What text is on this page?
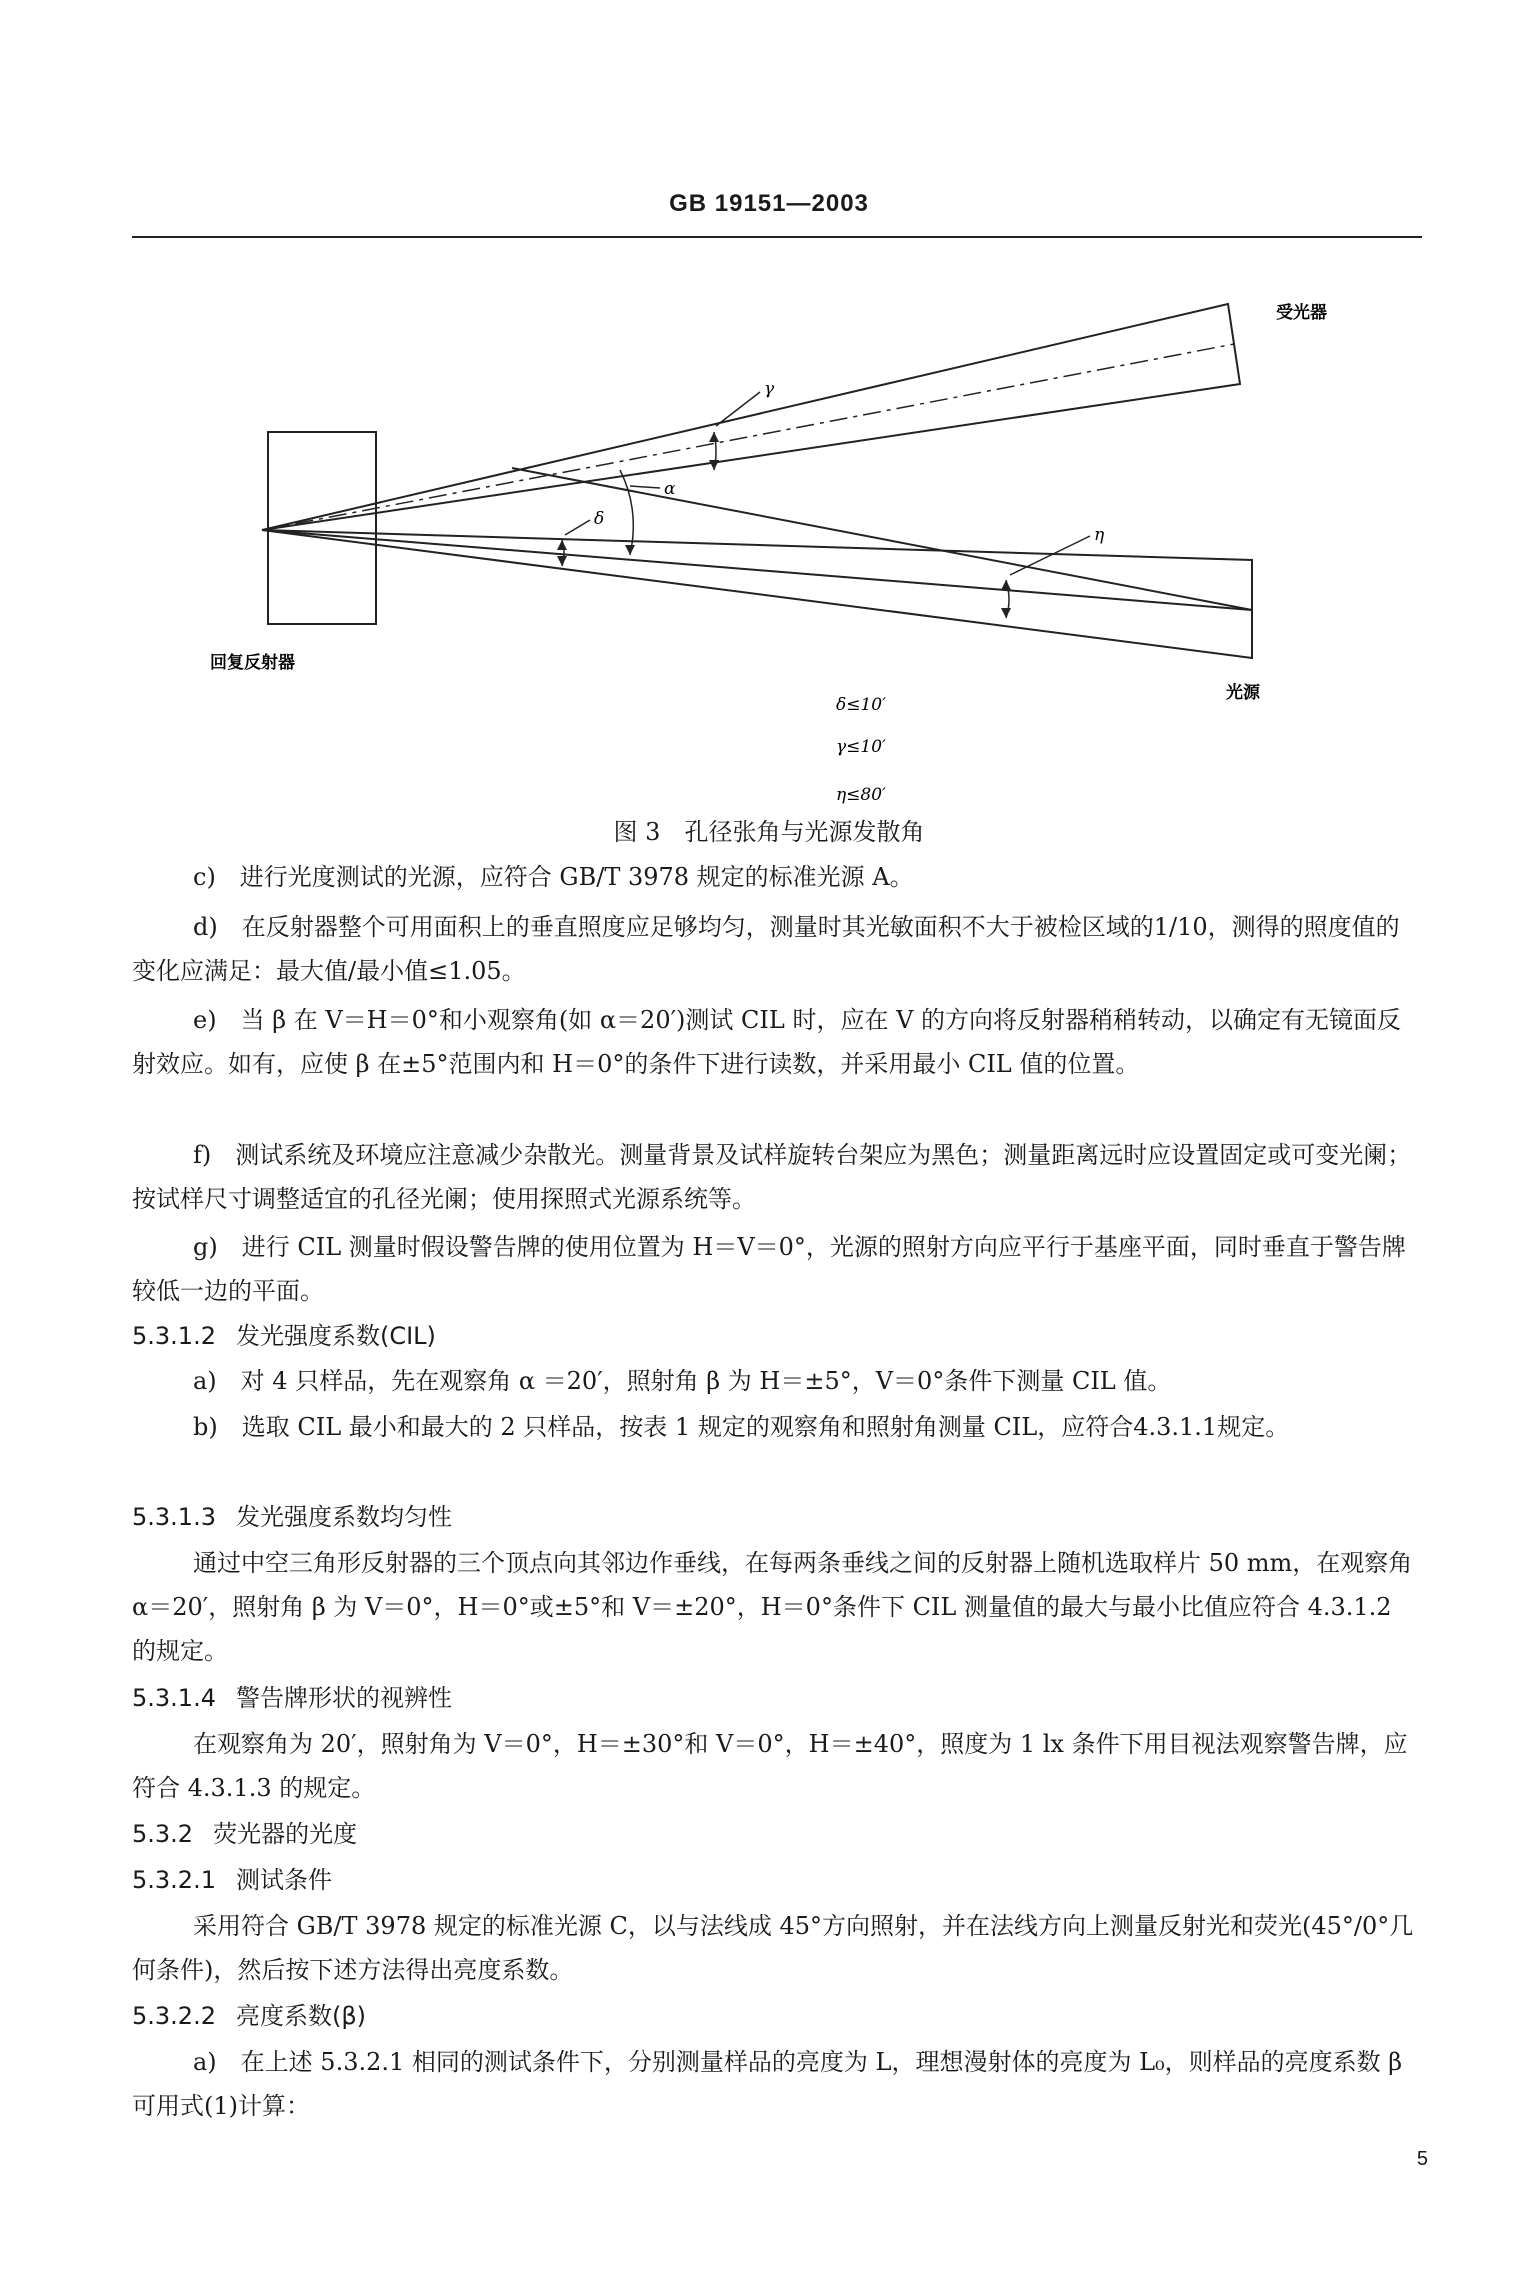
GB 19151—2003
受光器
回复反射器
光源
γ
α
δ
η
δ≤10′
γ≤10′
η≤80′
图 3　孔径张角与光源发散角
c)　进行光度测试的光源，应符合 GB/T 3978 规定的标准光源 A。
d)　在反射器整个可用面积上的垂直照度应足够均匀，测量时其光敏面积不大于被检区域的1/10，测得的照度值的变化应满足：最大值/最小值≤1.05。
e)　当 β 在 V＝H＝0°和小观察角(如 α＝20′)测试 CIL 时，应在 V 的方向将反射器稍稍转动，以确定有无镜面反射效应。如有，应使 β 在±5°范围内和 H＝0°的条件下进行读数，并采用最小 CIL 值的位置。
f)　测试系统及环境应注意减少杂散光。测量背景及试样旋转台架应为黑色；测量距离远时应设置固定或可变光阑；按试样尺寸调整适宜的孔径光阑；使用探照式光源系统等。
g)　进行 CIL 测量时假设警告牌的使用位置为 H＝V＝0°，光源的照射方向应平行于基座平面，同时垂直于警告牌较低一边的平面。
5.3.1.2 发光强度系数(CIL)
a)　对 4 只样品，先在观察角 α ＝20′，照射角 β 为 H＝±5°，V＝0°条件下测量 CIL 值。
b)　选取 CIL 最小和最大的 2 只样品，按表 1 规定的观察角和照射角测量 CIL，应符合4.3.1.1规定。
5.3.1.3 发光强度系数均匀性
通过中空三角形反射器的三个顶点向其邻边作垂线，在每两条垂线之间的反射器上随机选取样片 50 mm，在观察角 α＝20′，照射角 β 为 V＝0°，H＝0°或±5°和 V＝±20°，H＝0°条件下 CIL 测量值的最大与最小比值应符合 4.3.1.2 的规定。
5.3.1.4 警告牌形状的视辨性
在观察角为 20′，照射角为 V＝0°，H＝±30°和 V＝0°，H＝±40°，照度为 1 lx 条件下用目视法观察警告牌，应符合 4.3.1.3 的规定。
5.3.2 荧光器的光度
5.3.2.1 测试条件
采用符合 GB/T 3978 规定的标准光源 C，以与法线成 45°方向照射，并在法线方向上测量反射光和荧光(45°/0°几何条件)，然后按下述方法得出亮度系数。
5.3.2.2 亮度系数(β)
a)　在上述 5.3.2.1 相同的测试条件下，分别测量样品的亮度为 L，理想漫射体的亮度为 L₀，则样品的亮度系数 β 可用式(1)计算：
5
